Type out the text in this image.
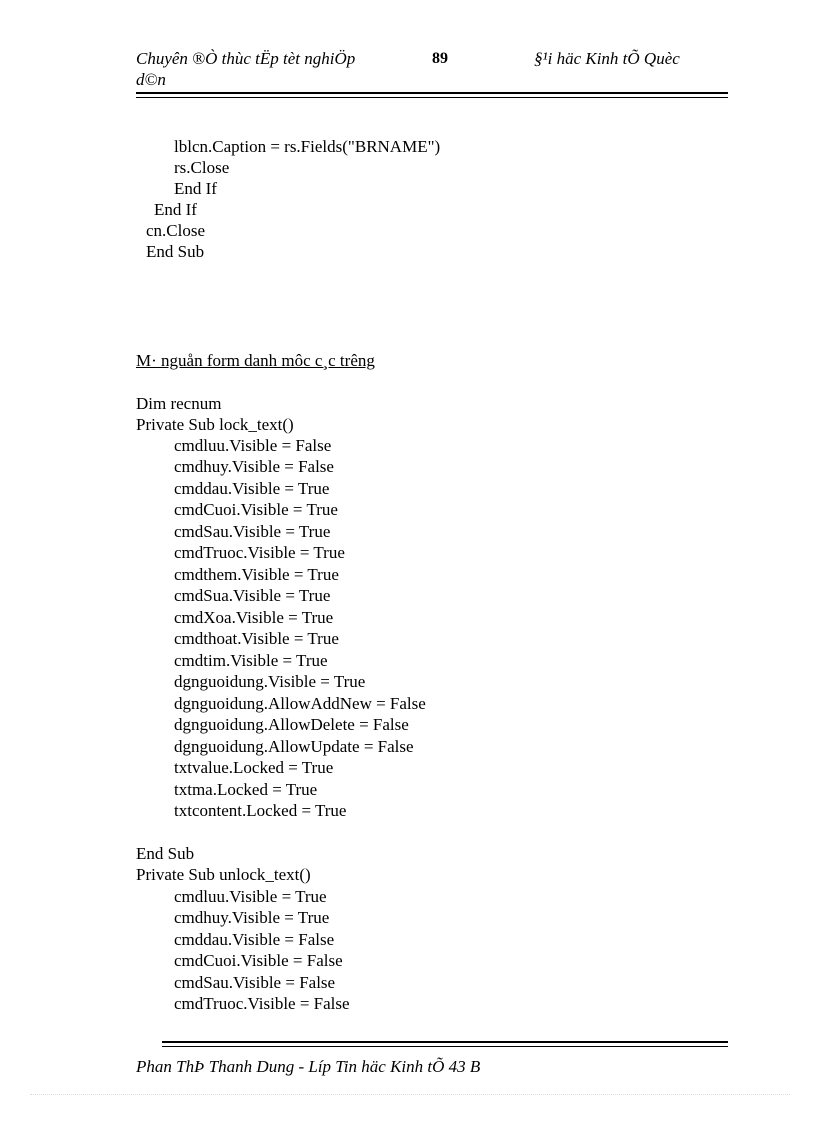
Chuyên ®Ò thùc tËp tèt nghiÖp
d©n
89	§¹i häc Kinh tÕ Quèc
lblcn.Caption = rs.Fields("BRNAME")
rs.Close
End If
End If
cn.Close
End Sub
M· nguån form danh môc c¸c trêng
Dim recnum
Private Sub lock_text()
cmdluu.Visible = False
cmdhuy.Visible = False
cmddau.Visible = True
cmdCuoi.Visible = True
cmdSau.Visible = True
cmdTruoc.Visible = True
cmdthem.Visible = True
cmdSua.Visible = True
cmdXoa.Visible = True
cmdthoat.Visible = True
cmdtim.Visible = True
dgnguoidung.Visible = True
dgnguoidung.AllowAddNew = False
dgnguoidung.AllowDelete = False
dgnguoidung.AllowUpdate = False
txtvalue.Locked = True
txtma.Locked = True
txtcontent.Locked = True
End Sub
Private Sub unlock_text()
cmdluu.Visible = True
cmdhuy.Visible = True
cmddau.Visible = False
cmdCuoi.Visible = False
cmdSau.Visible = False
cmdTruoc.Visible = False
Phan ThÞ Thanh Dung - Líp Tin häc Kinh tÕ 43 B
